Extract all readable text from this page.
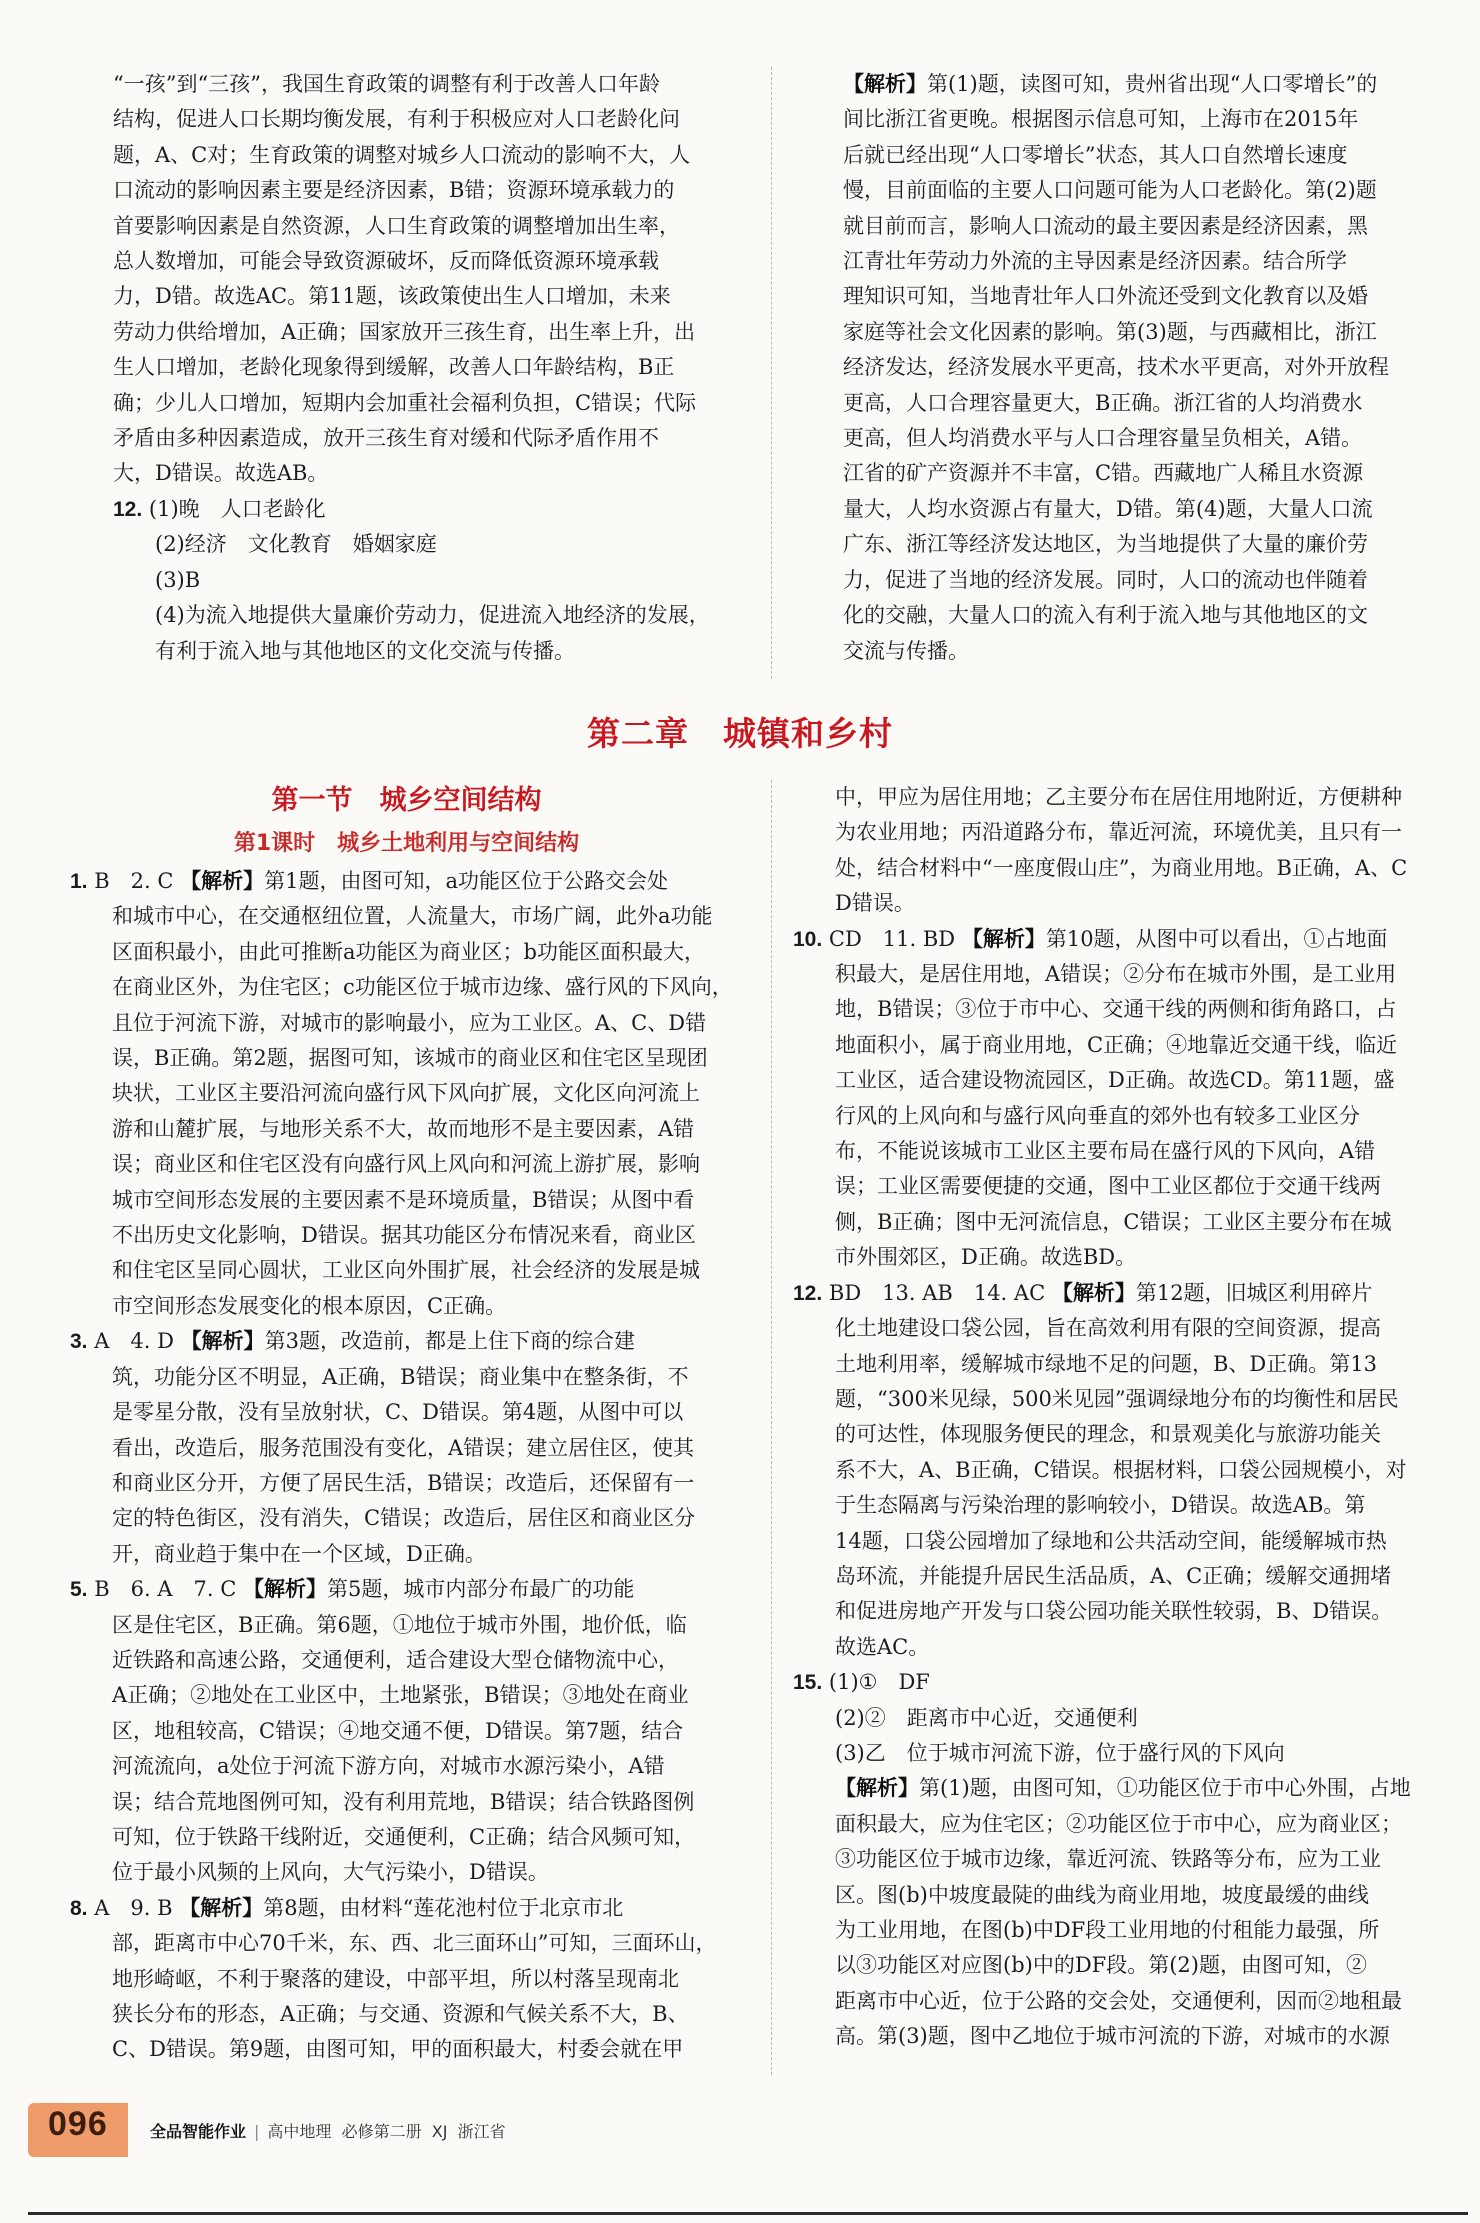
“一孩”到“三孩”，我国生育政策的调整有利于改善人口年龄
结构，促进人口长期均衡发展，有利于积极应对人口老龄化问
题，A、C对；生育政策的调整对城乡人口流动的影响不大，人
口流动的影响因素主要是经济因素，B错；资源环境承载力的
首要影响因素是自然资源，人口生育政策的调整增加出生率，
总人数增加，可能会导致资源破坏，反而降低资源环境承载
力，D错。故选AC。第11题，该政策使出生人口增加，未来
劳动力供给增加，A正确；国家放开三孩生育，出生率上升，出
生人口增加，老龄化现象得到缓解，改善人口年龄结构，B正
确；少儿人口增加，短期内会加重社会福利负担，C错误；代际
矛盾由多种因素造成，放开三孩生育对缓和代际矛盾作用不
大，D错误。故选AB。
12. (1)晚　人口老龄化
(2)经济　文化教育　婚姻家庭
(3)B
(4)为流入地提供大量廉价劳动力，促进流入地经济的发展，
有利于流入地与其他地区的文化交流与传播。
【解析】第(1)题，读图可知，贵州省出现“人口零增长”的
间比浙江省更晚。根据图示信息可知，上海市在2015年
后就已经出现“人口零增长”状态，其人口自然增长速度
慢，目前面临的主要人口问题可能为人口老龄化。第(2)题
就目前而言，影响人口流动的最主要因素是经济因素，黑
江青壮年劳动力外流的主导因素是经济因素。结合所学
理知识可知，当地青壮年人口外流还受到文化教育以及婚
家庭等社会文化因素的影响。第(3)题，与西藏相比，浙江
经济发达，经济发展水平更高，技术水平更高，对外开放程
更高，人口合理容量更大，B正确。浙江省的人均消费水
更高，但人均消费水平与人口合理容量呈负相关，A错。
江省的矿产资源并不丰富，C错。西藏地广人稀且水资源
量大，人均水资源占有量大，D错。第(4)题，大量人口流
广东、浙江等经济发达地区，为当地提供了大量的廉价劳
力，促进了当地的经济发展。同时，人口的流动也伴随着
化的交融，大量人口的流入有利于流入地与其他地区的文
交流与传播。
第二章　城镇和乡村
第一节　城乡空间结构
第1课时　城乡土地利用与空间结构
1. B　2. C 【解析】第1题，由图可知，a功能区位于公路交会处
和城市中心，在交通枢纽位置，人流量大，市场广阔，此外a功能
区面积最小，由此可推断a功能区为商业区；b功能区面积最大，
在商业区外，为住宅区；c功能区位于城市边缘、盛行风的下风向，
且位于河流下游，对城市的影响最小，应为工业区。A、C、D错
误，B正确。第2题，据图可知，该城市的商业区和住宅区呈现团
块状，工业区主要沿河流向盛行风下风向扩展，文化区向河流上
游和山麓扩展，与地形关系不大，故而地形不是主要因素，A错
误；商业区和住宅区没有向盛行风上风向和河流上游扩展，影响
城市空间形态发展的主要因素不是环境质量，B错误；从图中看
不出历史文化影响，D错误。据其功能区分布情况来看，商业区
和住宅区呈同心圆状，工业区向外围扩展，社会经济的发展是城
市空间形态发展变化的根本原因，C正确。
3. A　4. D 【解析】第3题，改造前，都是上住下商的综合建
筑，功能分区不明显，A正确，B错误；商业集中在整条街，不
是零星分散，没有呈放射状，C、D错误。第4题，从图中可以
看出，改造后，服务范围没有变化，A错误；建立居住区，使其
和商业区分开，方便了居民生活，B错误；改造后，还保留有一
定的特色街区，没有消失，C错误；改造后，居住区和商业区分
开，商业趋于集中在一个区域，D正确。
5. B　6. A　7. C 【解析】第5题，城市内部分布最广的功能
区是住宅区，B正确。第6题，①地位于城市外围，地价低，临
近铁路和高速公路，交通便利，适合建设大型仓储物流中心，
A正确；②地处在工业区中，土地紧张，B错误；③地处在商业
区，地租较高，C错误；④地交通不便，D错误。第7题，结合
河流流向，a处位于河流下游方向，对城市水源污染小，A错
误；结合荒地图例可知，没有利用荒地，B错误；结合铁路图例
可知，位于铁路干线附近，交通便利，C正确；结合风频可知，
位于最小风频的上风向，大气污染小，D错误。
8. A　9. B 【解析】第8题，由材料“莲花池村位于北京市北
部，距离市中心70千米，东、西、北三面环山”可知，三面环山，
地形崎岖，不利于聚落的建设，中部平坦，所以村落呈现南北
狭长分布的形态，A正确；与交通、资源和气候关系不大，B、
C、D错误。第9题，由图可知，甲的面积最大，村委会就在甲
中，甲应为居住用地；乙主要分布在居住用地附近，方便耕种
为农业用地；丙沿道路分布，靠近河流，环境优美，且只有一
处，结合材料中“一座度假山庄”，为商业用地。B正确，A、C
D错误。
10. CD　11. BD 【解析】第10题，从图中可以看出，①占地面
积最大，是居住用地，A错误；②分布在城市外围，是工业用
地，B错误；③位于市中心、交通干线的两侧和街角路口，占
地面积小，属于商业用地，C正确；④地靠近交通干线，临近
工业区，适合建设物流园区，D正确。故选CD。第11题，盛
行风的上风向和与盛行风向垂直的郊外也有较多工业区分
布，不能说该城市工业区主要布局在盛行风的下风向，A错
误；工业区需要便捷的交通，图中工业区都位于交通干线两
侧，B正确；图中无河流信息，C错误；工业区主要分布在城
市外围郊区，D正确。故选BD。
12. BD　13. AB　14. AC 【解析】第12题，旧城区利用碎片
化土地建设口袋公园，旨在高效利用有限的空间资源，提高
土地利用率，缓解城市绿地不足的问题，B、D正确。第13
题，“300米见绿，500米见园”强调绿地分布的均衡性和居民
的可达性，体现服务便民的理念，和景观美化与旅游功能关
系不大，A、B正确，C错误。根据材料，口袋公园规模小，对
于生态隔离与污染治理的影响较小，D错误。故选AB。第
14题，口袋公园增加了绿地和公共活动空间，能缓解城市热
岛环流，并能提升居民生活品质，A、C正确；缓解交通拥堵
和促进房地产开发与口袋公园功能关联性较弱，B、D错误。
故选AC。
15. (1)①　DF
(2)②　距离市中心近，交通便利
(3)乙　位于城市河流下游，位于盛行风的下风向
【解析】第(1)题，由图可知，①功能区位于市中心外围，占地
面积最大，应为住宅区；②功能区位于市中心，应为商业区；
③功能区位于城市边缘，靠近河流、铁路等分布，应为工业
区。图(b)中坡度最陡的曲线为商业用地，坡度最缓的曲线
为工业用地，在图(b)中DF段工业用地的付租能力最强，所
以③功能区对应图(b)中的DF段。第(2)题，由图可知，②
距离市中心近，位于公路的交会处，交通便利，因而②地租最
高。第(3)题，图中乙地位于城市河流的下游，对城市的水源
096	全品智能作业 | 高中地理 必修第二册 XJ 浙江省
